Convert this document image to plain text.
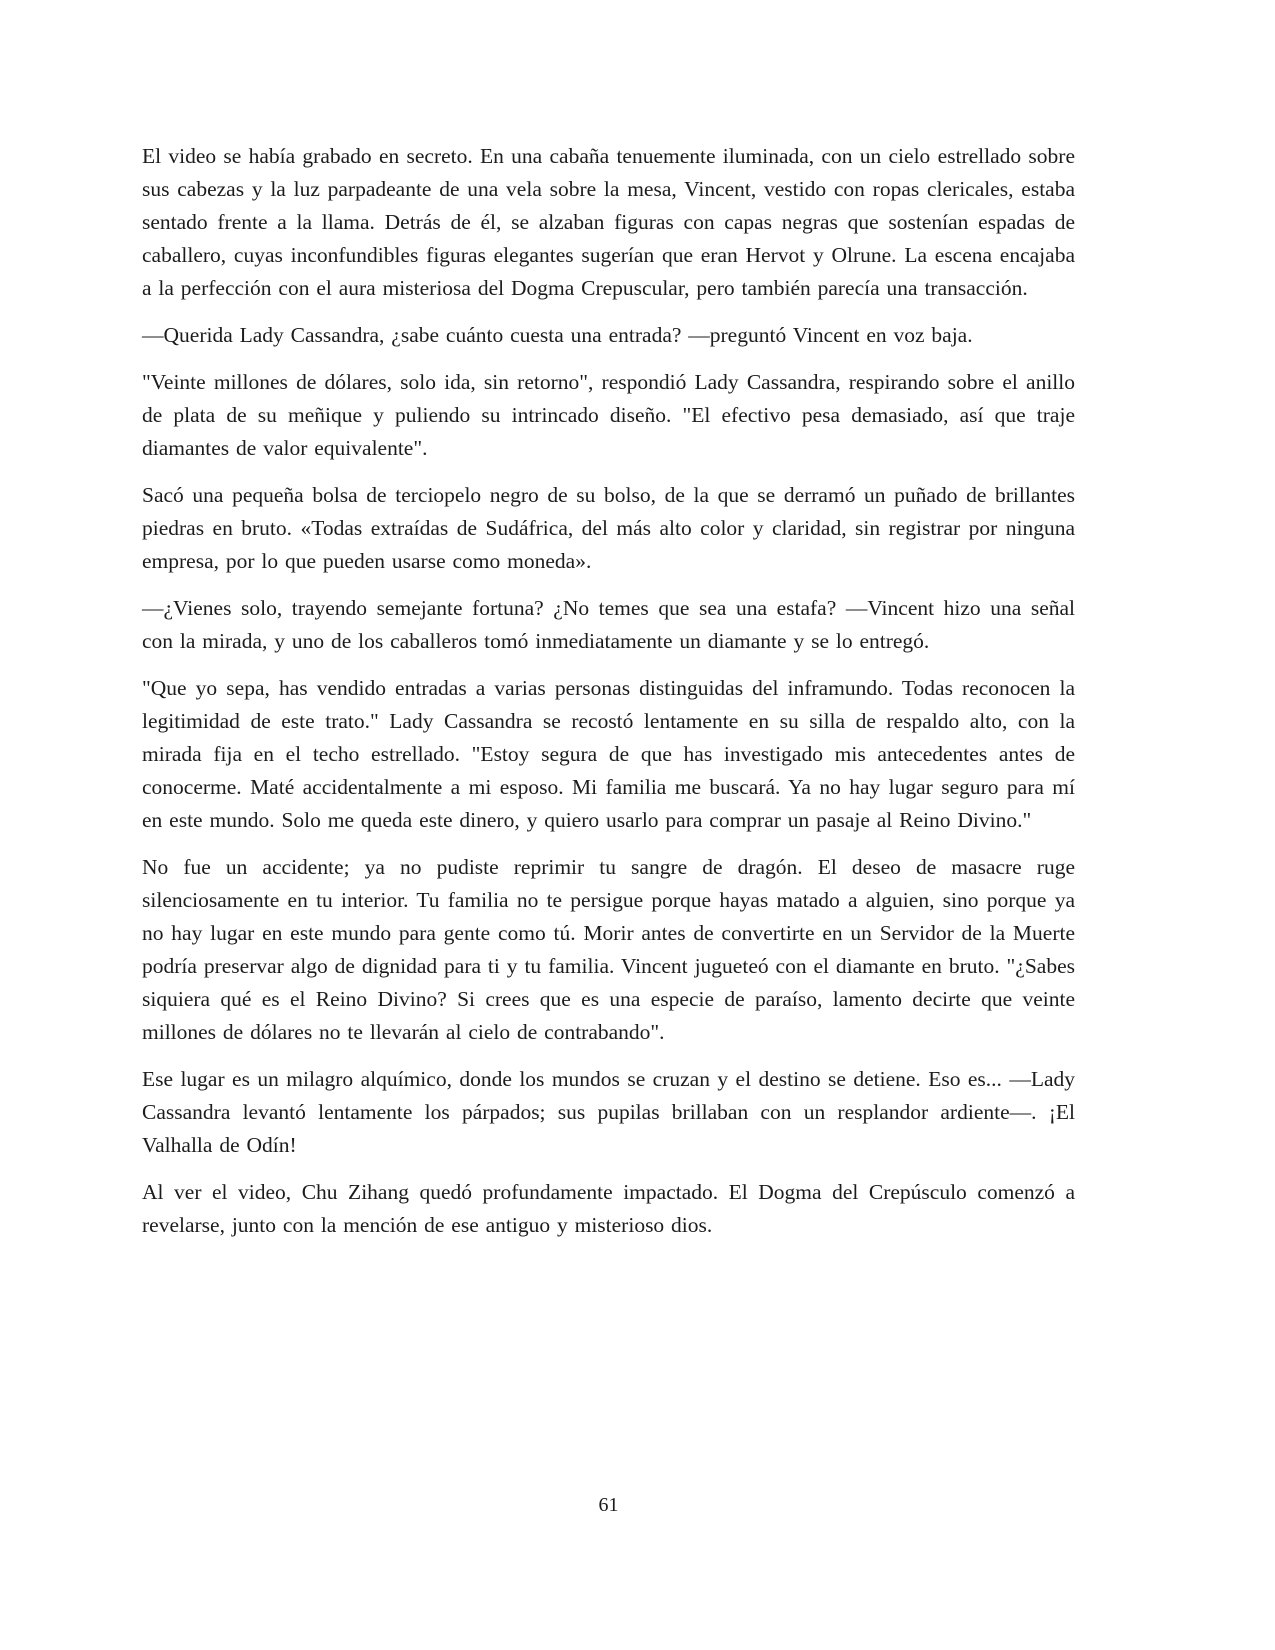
El video se había grabado en secreto. En una cabaña tenuemente iluminada, con un cielo estrellado sobre sus cabezas y la luz parpadeante de una vela sobre la mesa, Vincent, vestido con ropas clericales, estaba sentado frente a la llama. Detrás de él, se alzaban figuras con capas negras que sostenían espadas de caballero, cuyas inconfundibles figuras elegantes sugerían que eran Hervot y Olrune. La escena encajaba a la perfección con el aura misteriosa del Dogma Crepuscular, pero también parecía una transacción.

—Querida Lady Cassandra, ¿sabe cuánto cuesta una entrada? —preguntó Vincent en voz baja.

"Veinte millones de dólares, solo ida, sin retorno", respondió Lady Cassandra, respirando sobre el anillo de plata de su meñique y puliendo su intrincado diseño. "El efectivo pesa demasiado, así que traje diamantes de valor equivalente".

Sacó una pequeña bolsa de terciopelo negro de su bolso, de la que se derramó un puñado de brillantes piedras en bruto. «Todas extraídas de Sudáfrica, del más alto color y claridad, sin registrar por ninguna empresa, por lo que pueden usarse como moneda».

—¿Vienes solo, trayendo semejante fortuna? ¿No temes que sea una estafa? —Vincent hizo una señal con la mirada, y uno de los caballeros tomó inmediatamente un diamante y se lo entregó.

"Que yo sepa, has vendido entradas a varias personas distinguidas del inframundo. Todas reconocen la legitimidad de este trato." Lady Cassandra se recostó lentamente en su silla de respaldo alto, con la mirada fija en el techo estrellado. "Estoy segura de que has investigado mis antecedentes antes de conocerme. Maté accidentalmente a mi esposo. Mi familia me buscará. Ya no hay lugar seguro para mí en este mundo. Solo me queda este dinero, y quiero usarlo para comprar un pasaje al Reino Divino."

No fue un accidente; ya no pudiste reprimir tu sangre de dragón. El deseo de masacre ruge silenciosamente en tu interior. Tu familia no te persigue porque hayas matado a alguien, sino porque ya no hay lugar en este mundo para gente como tú. Morir antes de convertirte en un Servidor de la Muerte podría preservar algo de dignidad para ti y tu familia. Vincent jugueteó con el diamante en bruto. "¿Sabes siquiera qué es el Reino Divino? Si crees que es una especie de paraíso, lamento decirte que veinte millones de dólares no te llevarán al cielo de contrabando".

Ese lugar es un milagro alquímico, donde los mundos se cruzan y el destino se detiene. Eso es... —Lady Cassandra levantó lentamente los párpados; sus pupilas brillaban con un resplandor ardiente—. ¡El Valhalla de Odín!

Al ver el video, Chu Zihang quedó profundamente impactado. El Dogma del Crepúsculo comenzó a revelarse, junto con la mención de ese antiguo y misterioso dios.

61
